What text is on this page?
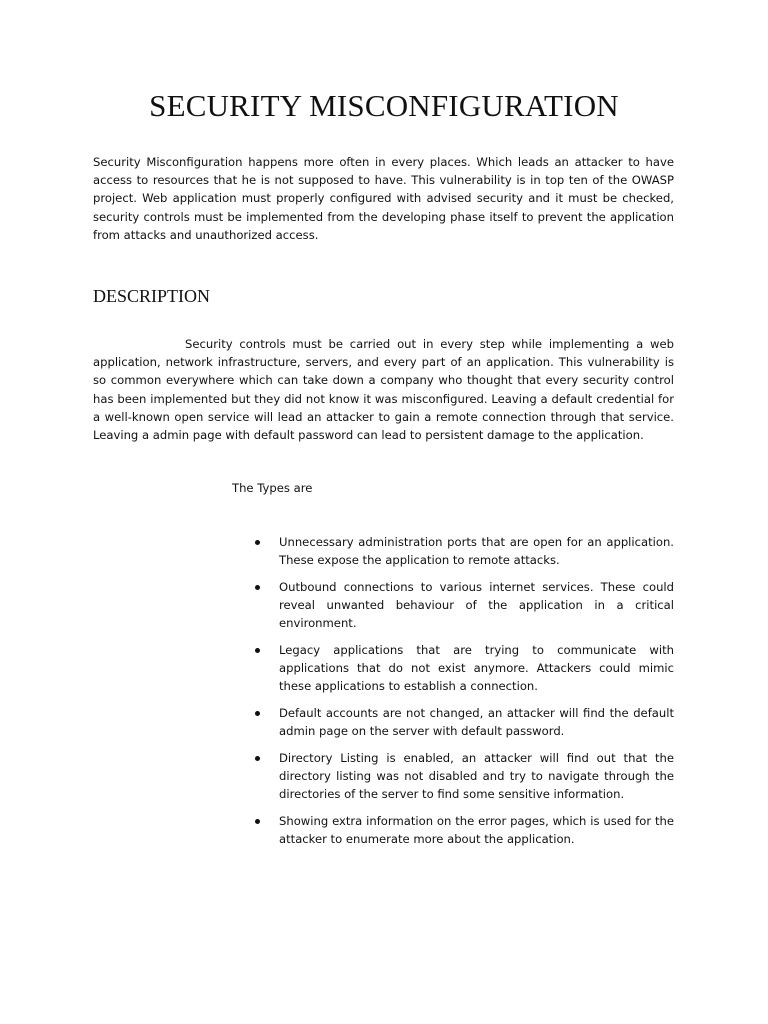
SECURITY MISCONFIGURATION

Security Misconfiguration happens more often in every places. Which leads an attacker to have access to resources that he is not supposed to have. This vulnerability is in top ten of the OWASP project. Web application must properly configured with advised security and it must be checked, security controls must be implemented from the developing phase itself to prevent the application from attacks and unauthorized access.

DESCRIPTION

Security controls must be carried out in every step while implementing a web application, network infrastructure, servers, and every part of an application. This vulnerability is so common everywhere which can take down a company who thought that every security control has been implemented but they did not know it was misconfigured. Leaving a default credential for a well-known open service will lead an attacker to gain a remote connection through that service. Leaving a admin page with default password can lead to persistent damage to the application.

The Types are

Unnecessary administration ports that are open for an application. These expose the application to remote attacks.
Outbound connections to various internet services. These could reveal unwanted behaviour of the application in a critical environment.
Legacy applications that are trying to communicate with applications that do not exist anymore. Attackers could mimic these applications to establish a connection.
Default accounts are not changed, an attacker will find the default admin page on the server with default password.
Directory Listing is enabled, an attacker will find out that the directory listing was not disabled and try to navigate through the directories of the server to find some sensitive information.
Showing extra information on the error pages, which is used for the attacker to enumerate more about the application.
